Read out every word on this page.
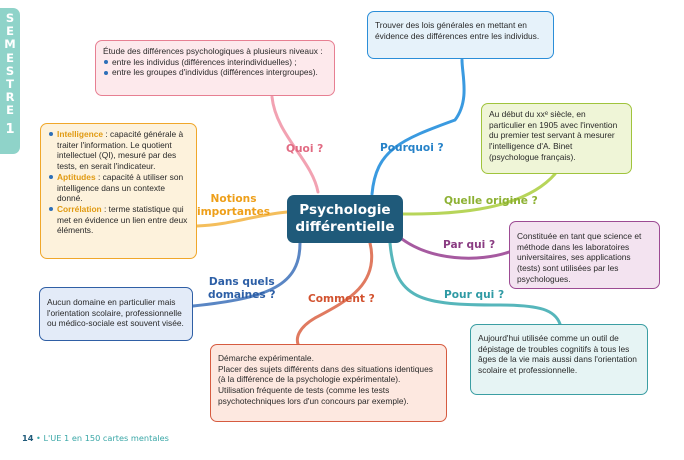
S
E
M
E
S
T
R
E
1

Étude des différences psychologiques à plusieurs niveaux :

entre les individus (différences interindividuelles) ;
entre les groupes d'individus (différences intergroupes).

Trouver des lois générales en mettant en évidence des différences entre les individus.

Au début du xxᵉ siècle, en particulier en 1905 avec l'invention du premier test servant à mesurer l'intelligence d'A. Binet (psychologue français).

Constituée en tant que science et méthode dans les laboratoires universitaires, ses applications (tests) sont utilisées par les psychologues.

Aujourd'hui utilisée comme un outil de dépistage de troubles cognitifs à tous les âges de la vie mais aussi dans l'orientation scolaire et professionnelle.

Démarche expérimentale.

Placer des sujets différents dans des situations identiques (à la différence de la psychologie expérimentale).

Utilisation fréquente de tests (comme les tests psychotechniques lors d'un concours par exemple).

Aucun domaine en particulier mais l'orientation scolaire, professionnelle ou médico-sociale est souvent visée.

Intelligence : capacité générale à traiter l'information. Le quotient intellectuel (QI), mesuré par des tests, en serait l'indicateur.
Aptitudes : capacité à utiliser son intelligence dans un contexte donné.
Corrélation : terme statistique qui met en évidence un lien entre deux éléments.
Psychologie
différentielle
Quoi ?	Pourquoi ?
Quelle origine ?
Par qui ?
Pour qui ?
Comment ?
Notions
importantes
Dans quels
domaines ?
14 • L'UE 1 en 150 cartes mentales
